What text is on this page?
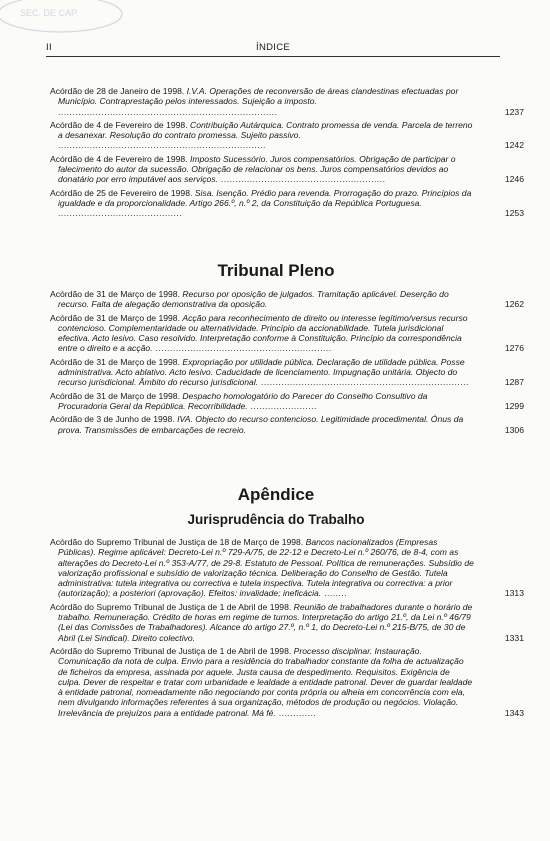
SEC. DE CAP.
II	ÍNDICE
Acórdão de 28 de Janeiro de 1998. I.V.A. Operações de reconversão de áreas clandestinas efectuadas por Município. Contraprestação pelos interessados. Sujeição a imposto. ............................................................................	1237
Acórdão de 4 de Fevereiro de 1998. Contribuição Autárquica. Contrato promessa de venda. Parcela de terreno a desanexar. Resolução do contrato promessa. Sujeito passivo. ........................................................................	1242
Acórdão de 4 de Fevereiro de 1998. Imposto Sucessório. Juros compensatórios. Obrigação de participar o falecimento do autor da sucessão. Obrigação de relacionar os bens. Juros compensatórios devidos ao donatário por erro imputável aos serviços. .........................................................	1246
Acórdão de 25 de Fevereiro de 1998. Sisa. Isenção. Prédio para revenda. Prorrogação do prazo. Princípios da igualdade e da proporcionalidade. Artigo 266.º, n.º 2, da Constituição da República Portuguesa. ...........................................	1253
Tribunal Pleno
Acórdão de 31 de Março de 1998. Recurso por oposição de julgados. Tramitação aplicável. Deserção do recurso. Falta de alegação demonstrativa da oposição.	1262
Acórdão de 31 de Março de 1998. Acção para reconhecimento de direito ou interesse legítimo/versus recurso contencioso. Complementaridade ou alternatividade. Princípio da accionabilidade. Tutela jurisdicional efectiva. Acto lesivo. Caso resolvido. Interpretação conforme à Constituição. Princípio da correspondência entre o direito e a acção. .............................................................	1276
Acórdão de 31 de Março de 1998. Expropriação por utilidade pública. Declaração de utilidade pública. Posse administrativa. Acto ablativo. Acto lesivo. Caducidade de licenciamento. Impugnação unitária. Objecto do recurso jurisdicional. Âmbito do recurso jurisdicional. ........................................................................	1287
Acórdão de 31 de Março de 1998. Despacho homologatório do Parecer do Conselho Consultivo da Procuradoria Geral da República. Recorribilidade. .......................	1299
Acórdão de 3 de Junho de 1998. IVA. Objecto do recurso contencioso. Legitimidade procedimental. Ónus da prova. Transmissões de embarcações de recreio.	1306
Apêndice
Jurisprudência do Trabalho
Acórdão do Supremo Tribunal de Justiça de 18 de Março de 1998. Bancos nacionalizados (Empresas Públicas). Regime aplicável: Decreto-Lei n.º 729-A/75, de 22-12 e Decreto-Lei n.º 260/76, de 8-4, com as alterações do Decreto-Lei n.º 353-A/77, de 29-8. Estatuto de Pessoal. Política de remunerações. Subsídio de valorização profissional e subsídio de valorização técnica. Deliberação do Conselho de Gestão. Tutela administrativa: tutela integrativa ou correctiva e tutela inspectiva. Tutela integrativa ou correctiva: a prior (autorização); a posteriori (aprovação). Efeitos: invalidade; ineficácia. ........	1313
Acórdão do Supremo Tribunal de Justiça de 1 de Abril de 1998. Reunião de trabalhadores durante o horário de trabalho. Remuneração. Crédito de horas em regime de turnos. Interpretação do artigo 21.º, da Lei n.º 46/79 (Lei das Comissões de Trabalhadores). Alcance do artigo 27.º, n.º 1, do Decreto-Lei n.º 215-B/75, de 30 de Abril (Lei Sindical). Direito colectivo.	1331
Acórdão do Supremo Tribunal de Justiça de 1 de Abril de 1998. Processo disciplinar. Instauração. Comunicação da nota de culpa. Envio para a residência do trabalhador constante da folha de actualização de ficheiros da empresa, assinada por aquele. Justa causa de despedimento. Requisitos. Exigência de culpa. Dever de respeitar e tratar com urbanidade e lealdade a entidade patronal. Dever de guardar lealdade à entidade patronal, nomeadamente não negociando por conta própria ou alheia em concorrência com ela, nem divulgando informações referentes à sua organização, métodos de produção ou negócios. Violação. Irrelevância de prejuízos para a entidade patronal. Má fé. .............	1343
